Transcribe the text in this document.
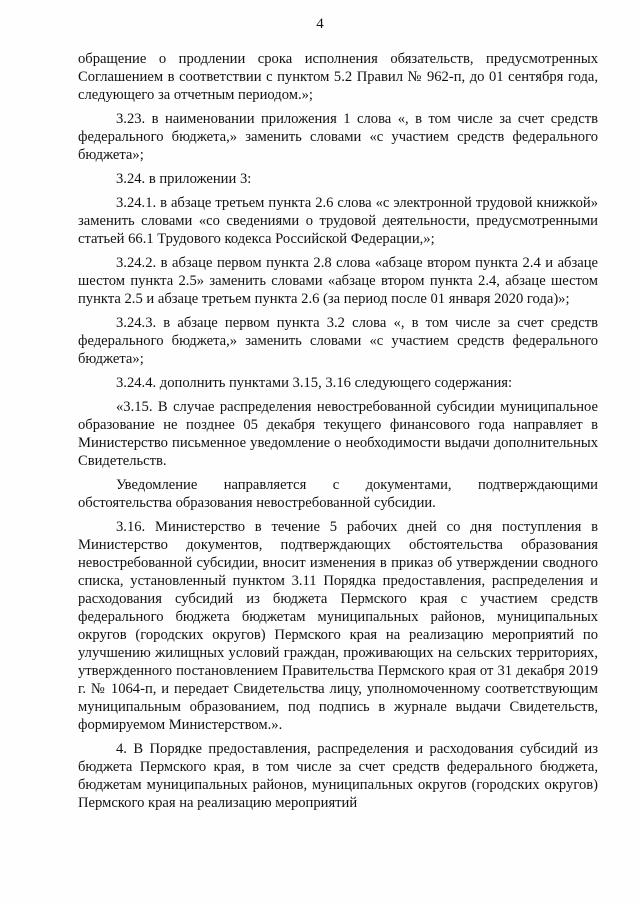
4

обращение о продлении срока исполнения обязательств, предусмотренных Соглашением в соответствии с пунктом 5.2 Правил № 962-п, до 01 сентября года, следующего за отчетным периодом.»;

3.23. в наименовании приложения 1 слова «, в том числе за счет средств федерального бюджета,» заменить словами «с участием средств федерального бюджета»;

3.24. в приложении 3:

3.24.1. в абзаце третьем пункта 2.6 слова «с электронной трудовой книжкой» заменить словами «со сведениями о трудовой деятельности, предусмотренными статьей 66.1 Трудового кодекса Российской Федерации,»;

3.24.2. в абзаце первом пункта 2.8 слова «абзаце втором пункта 2.4 и абзаце шестом пункта 2.5» заменить словами «абзаце втором пункта 2.4, абзаце шестом пункта 2.5 и абзаце третьем пункта 2.6 (за период после 01 января 2020 года)»;

3.24.3. в абзаце первом пункта 3.2 слова «, в том числе за счет средств федерального бюджета,» заменить словами «с участием средств федерального бюджета»;

3.24.4. дополнить пунктами 3.15, 3.16 следующего содержания:

«3.15. В случае распределения невостребованной субсидии муниципальное образование не позднее 05 декабря текущего финансового года направляет в Министерство письменное уведомление о необходимости выдачи дополнительных Свидетельств.

Уведомление направляется с документами, подтверждающими обстоятельства образования невостребованной субсидии.

3.16. Министерство в течение 5 рабочих дней со дня поступления в Министерство документов, подтверждающих обстоятельства образования невостребованной субсидии, вносит изменения в приказ об утверждении сводного списка, установленный пунктом 3.11 Порядка предоставления, распределения и расходования субсидий из бюджета Пермского края с участием средств федерального бюджета бюджетам муниципальных районов, муниципальных округов (городских округов) Пермского края на реализацию мероприятий по улучшению жилищных условий граждан, проживающих на сельских территориях, утвержденного постановлением Правительства Пермского края от 31 декабря 2019 г. № 1064-п, и передает Свидетельства лицу, уполномоченному соответствующим муниципальным образованием, под подпись в журнале выдачи Свидетельств, формируемом Министерством.».

4. В Порядке предоставления, распределения и расходования субсидий из бюджета Пермского края, в том числе за счет средств федерального бюджета, бюджетам муниципальных районов, муниципальных округов (городских округов) Пермского края на реализацию мероприятий
